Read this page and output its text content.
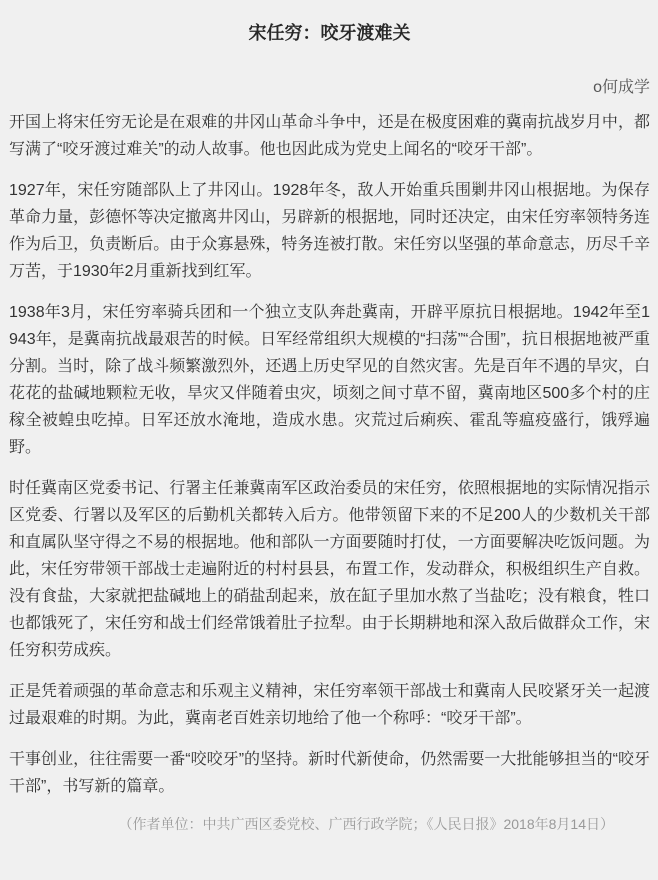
宋任穷：咬牙渡难关
o何成学

开国上将宋任穷无论是在艰难的井冈山革命斗争中，还是在极度困难的冀南抗战岁月中，都写满了“咬牙渡过难关”的动人故事。他也因此成为党史上闻名的“咬牙干部”。

1927年，宋任穷随部队上了井冈山。1928年冬，敌人开始重兵围剿井冈山根据地。为保存革命力量，彭德怀等决定撤离井冈山，另辟新的根据地，同时还决定，由宋任穷率领特务连作为后卫，负责断后。由于众寡悬殊，特务连被打散。宋任穷以坚强的革命意志，历尽千辛万苦，于1930年2月重新找到红军。

1938年3月，宋任穷率骑兵团和一个独立支队奔赴冀南，开辟平原抗日根据地。1942年至1943年，是冀南抗战最艰苦的时候。日军经常组织大规模的“扫荡”“合围”，抗日根据地被严重分割。当时，除了战斗频繁激烈外，还遇上历史罕见的自然灾害。先是百年不遇的旱灾，白花花的盐碱地颗粒无收，旱灾又伴随着虫灾，顷刻之间寸草不留，冀南地区500多个村的庄稼全被蝗虫吃掉。日军还放水淹地，造成水患。灾荒过后痢疾、霍乱等瘟疫盛行，饿殍遍野。

时任冀南区党委书记、行署主任兼冀南军区政治委员的宋任穷，依照根据地的实际情况指示区党委、行署以及军区的后勤机关都转入后方。他带领留下来的不足200人的少数机关干部和直属队坚守得之不易的根据地。他和部队一方面要随时打仗，一方面要解决吃饭问题。为此，宋任穷带领干部战士走遍附近的村村县县，布置工作，发动群众，积极组织生产自救。没有食盐，大家就把盐碱地上的硝盐刮起来，放在缸子里加水熬了当盐吃；没有粮食，牲口也都饿死了，宋任穷和战士们经常饿着肚子拉犁。由于长期耕地和深入敌后做群众工作，宋任穷积劳成疾。

正是凭着顽强的革命意志和乐观主义精神，宋任穷率领干部战士和冀南人民咬紧牙关一起渡过最艰难的时期。为此，冀南老百姓亲切地给了他一个称呼：“咬牙干部”。

干事创业，往往需要一番“咬咬牙”的坚持。新时代新使命，仍然需要一大批能够担当的“咬牙干部”，书写新的篇章。

（作者单位：中共广西区委党校、广西行政学院；《人民日报》2018年8月14日）
